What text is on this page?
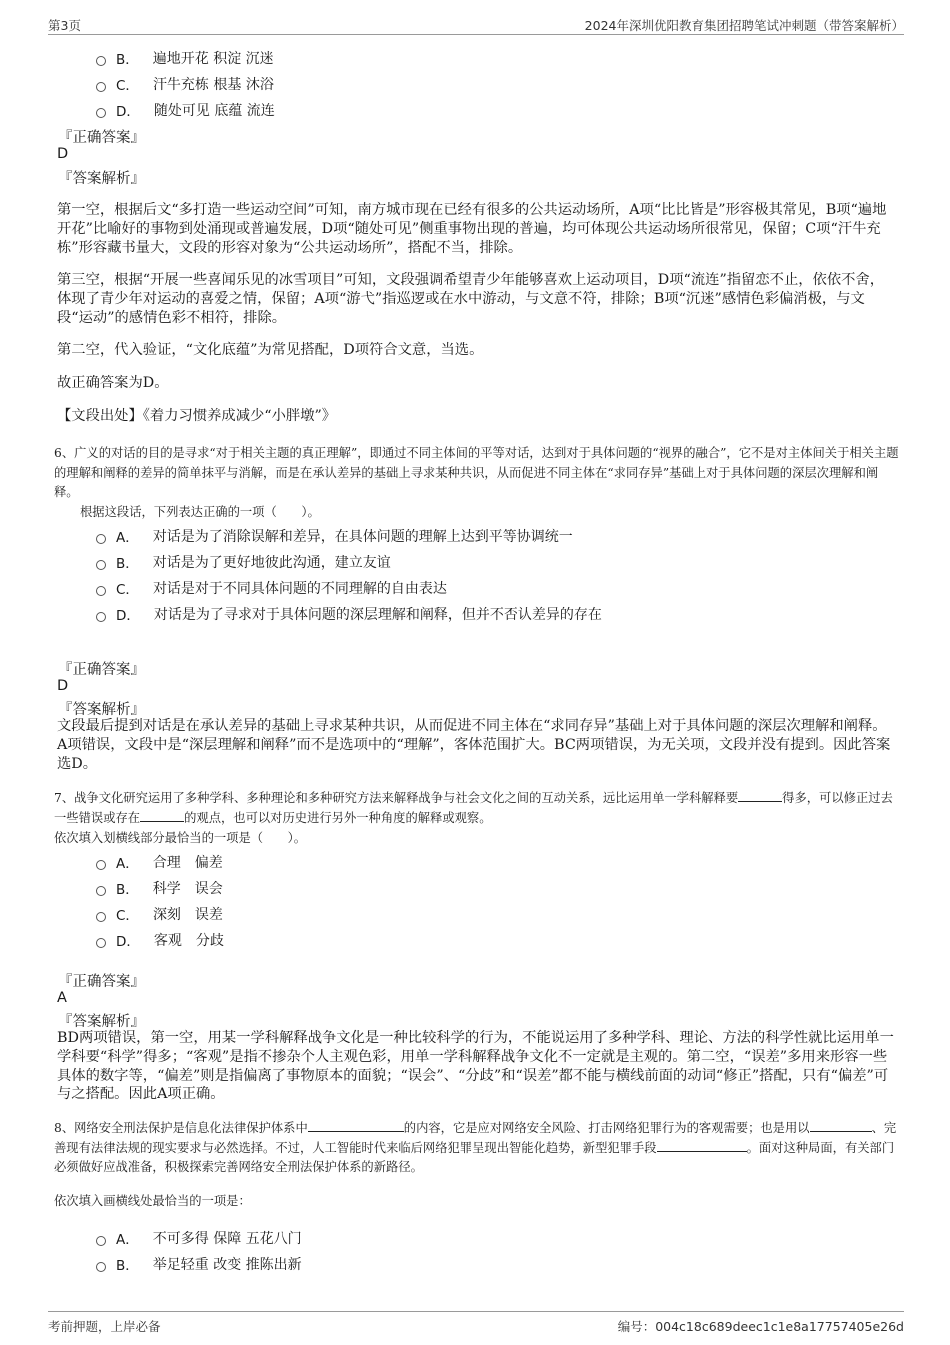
第3页	2024年深圳优阳教育集团招聘笔试冲刺题（带答案解析）
B． 遍地开花 积淀 沉迷
C． 汗牛充栋 根基 沐浴
D． 随处可见 底蕴 流连
『正确答案』
D
『答案解析』
第一空，根据后文“多打造一些运动空间”可知，南方城市现在已经有很多的公共运动场所，A项“比比皆是”形容极其常见，B项“遍地开花”比喻好的事物到处涌现或普遍发展，D项“随处可见”侧重事物出现的普遍，均可体现公共运动场所很常见，保留；C项“汗牛充栋”形容藏书量大，文段的形容对象为“公共运动场所”，搭配不当，排除。
第三空，根据“开展一些喜闻乐见的冰雪项目”可知，文段强调希望青少年能够喜欢上运动项目，D项“流连”指留恋不止，依依不舍，体现了青少年对运动的喜爱之情，保留；A项“游弋”指巡逻或在水中游动，与文意不符，排除；B项“沉迷”感情色彩偏消极，与文段“运动”的感情色彩不相符，排除。
第二空，代入验证，“文化底蕴”为常见搭配，D项符合文意，当选。
故正确答案为D。
【文段出处】《着力习惯养成减少“小胖墩”》
6、广义的对话的目的是寻求“对于相关主题的真正理解”，即通过不同主体间的平等对话，达到对于具体问题的“视界的融合”，它不是对主体间关于相关主题的理解和阐释的差异的简单抹平与消解，而是在承认差异的基础上寻求某种共识，从而促进不同主体在“求同存异”基础上对于具体问题的深层次理解和阐释。
根据这段话，下列表达正确的一项（　　）。
A． 对话是为了消除误解和差异，在具体问题的理解上达到平等协调统一
B． 对话是为了更好地彼此沟通，建立友谊
C． 对话是对于不同具体问题的不同理解的自由表达
D． 对话是为了寻求对于具体问题的深层理解和阐释，但并不否认差异的存在
『正确答案』
D
『答案解析』
文段最后提到对话是在承认差异的基础上寻求某种共识，从而促进不同主体在“求同存异”基础上对于具体问题的深层次理解和阐释。A项错误，文段中是“深层理解和阐释”而不是选项中的“理解”，客体范围扩大。BC两项错误，为无关项，文段并没有提到。因此答案选D。
7、战争文化研究运用了多种学科、多种理论和多种研究方法来解释战争与社会文化之间的互动关系，远比运用单一学科解释要	得多，可以修正过去一些错误或存在	的观点，也可以对历史进行另外一种角度的解释或观察。
依次填入划横线部分最恰当的一项是（　　）。
A． 合理　偏差
B． 科学　误会
C． 深刻　误差
D． 客观　分歧
『正确答案』
A
『答案解析』
BD两项错误，第一空，用某一学科解释战争文化是一种比较科学的行为，不能说运用了多种学科、理论、方法的科学性就比运用单一学科要“科学”得多；“客观”是指不掺杂个人主观色彩，用单一学科解释战争文化不一定就是主观的。第二空，“误差”多用来形容一些具体的数字等，“偏差”则是指偏离了事物原本的面貌；“误会”、“分歧”和“误差”都不能与横线前面的动词“修正”搭配，只有“偏差”可与之搭配。因此A项正确。
8、网络安全刑法保护是信息化法律保护体系中	的内容，它是应对网络安全风险、打击网络犯罪行为的客观需要；也是用以	、完善现有法律法规的现实要求与必然选择。不过，人工智能时代来临后网络犯罪呈现出智能化趋势，新型犯罪手段	。面对这种局面，有关部门必须做好应战准备，积极探索完善网络安全刑法保护体系的新路径。
依次填入画横线处最恰当的一项是：
A． 不可多得 保障 五花八门
B． 举足轻重 改变 推陈出新
考前押题，上岸必备	编号：004c18c689deec1c1e8a17757405e26d
